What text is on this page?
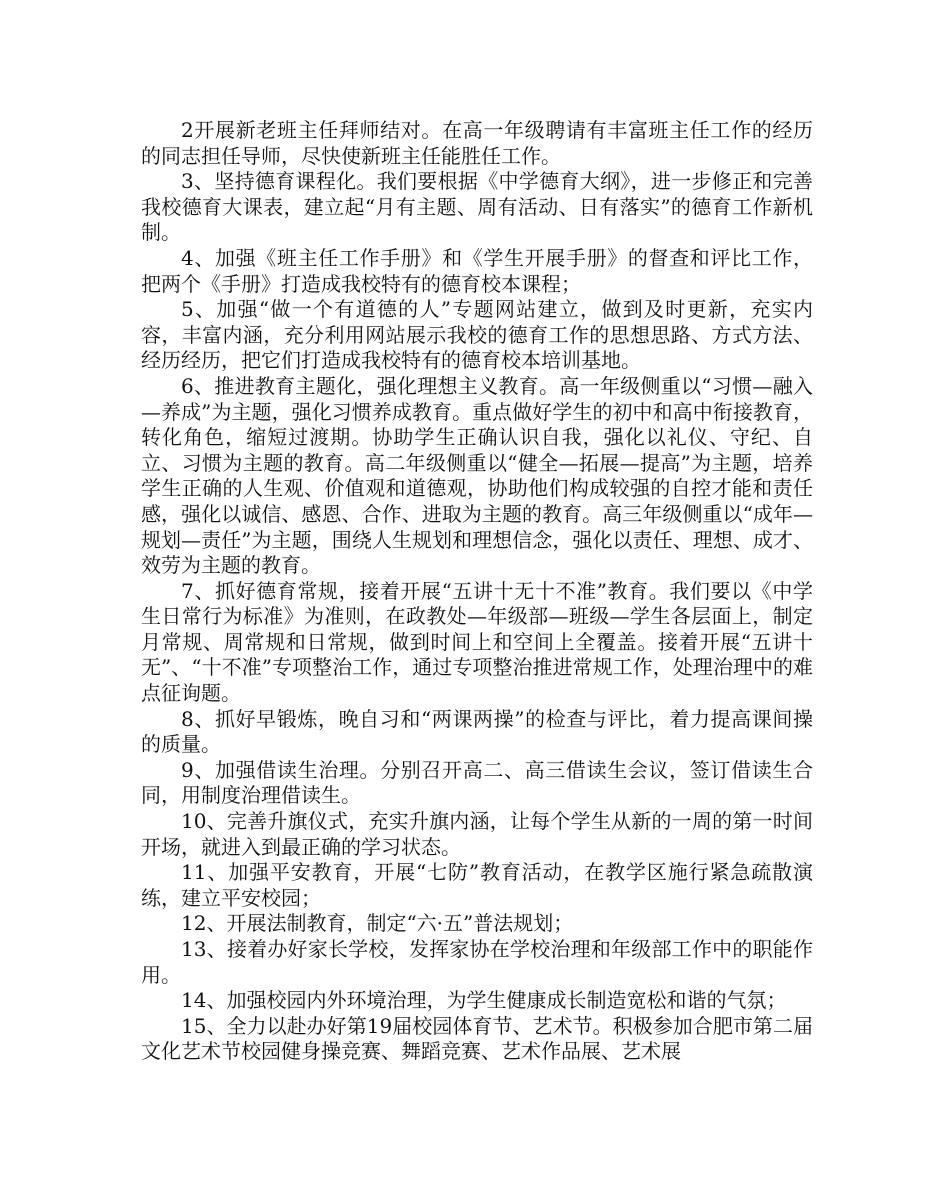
2开展新老班主任拜师结对。在高一年级聘请有丰富班主任工作的经历的同志担任导师，尽快使新班主任能胜任工作。

3、坚持德育课程化。我们要根据《中学德育大纲》，进一步修正和完善我校德育大课表，建立起“月有主题、周有活动、日有落实”的德育工作新机制。

4、加强《班主任工作手册》和《学生开展手册》的督查和评比工作，把两个《手册》打造成我校特有的德育校本课程；

5、加强“做一个有道德的人”专题网站建立，做到及时更新，充实内容，丰富内涵，充分利用网站展示我校的德育工作的思想思路、方式方法、经历经历，把它们打造成我校特有的德育校本培训基地。

6、推进教育主题化，强化理想主义教育。高一年级侧重以“习惯—融入—养成”为主题，强化习惯养成教育。重点做好学生的初中和高中衔接教育，转化角色，缩短过渡期。协助学生正确认识自我，强化以礼仪、守纪、自立、习惯为主题的教育。高二年级侧重以“健全—拓展—提高”为主题，培养学生正确的人生观、价值观和道德观，协助他们构成较强的自控才能和责任感，强化以诚信、感恩、合作、进取为主题的教育。高三年级侧重以“成年—规划—责任”为主题，围绕人生规划和理想信念，强化以责任、理想、成才、效劳为主题的教育。

7、抓好德育常规，接着开展“五讲十无十不准”教育。我们要以《中学生日常行为标准》为准则，在政教处—年级部—班级—学生各层面上，制定月常规、周常规和日常规，做到时间上和空间上全覆盖。接着开展“五讲十无”、“十不准”专项整治工作，通过专项整治推进常规工作，处理治理中的难点征询题。

8、抓好早锻炼，晚自习和“两课两操”的检查与评比，着力提高课间操的质量。

9、加强借读生治理。分别召开高二、高三借读生会议，签订借读生合同，用制度治理借读生。

10、完善升旗仪式，充实升旗内涵，让每个学生从新的一周的第一时间开场，就进入到最正确的学习状态。

11、加强平安教育，开展“七防”教育活动，在教学区施行紧急疏散演练，建立平安校园；

12、开展法制教育，制定“六·五”普法规划；

13、接着办好家长学校，发挥家协在学校治理和年级部工作中的职能作用。

14、加强校园内外环境治理，为学生健康成长制造宽松和谐的气氛；

15、全力以赴办好第19届校园体育节、艺术节。积极参加合肥市第二届文化艺术节校园健身操竞赛、舞蹈竞赛、艺术作品展、艺术展
